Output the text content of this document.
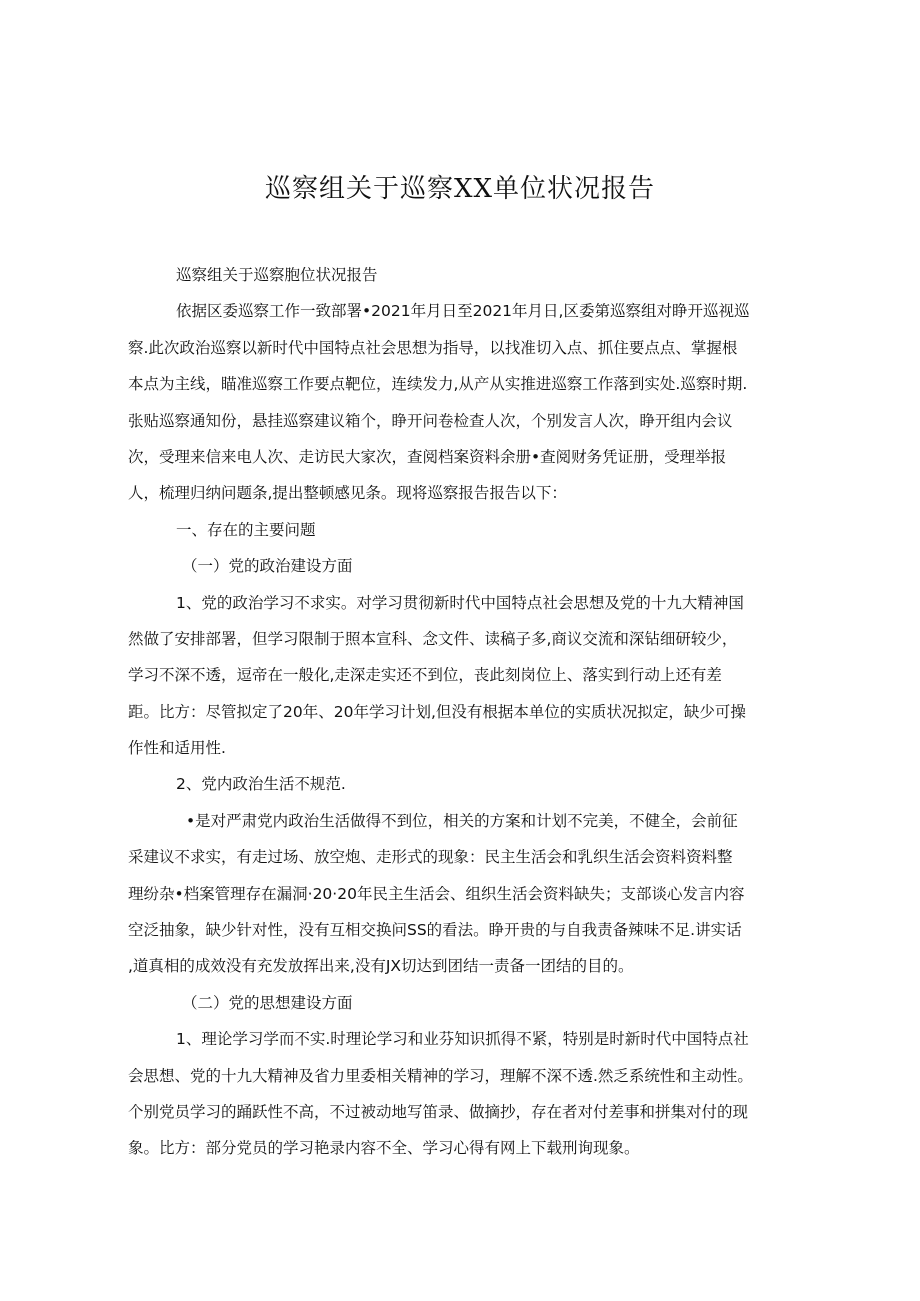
巡察组关于巡察XX单位状况报告
巡察组关于巡察胞位状况报告
依据区委巡察工作一致部署•2021年月日至2021年月日,区委第巡察组对睁开巡视巡
察.此次政治巡察以新时代中国特点社会思想为指导，以找准切入点、抓住要点点、掌握根
本点为主线，瞄准巡察工作要点靶位，连续发力,从产从实推进巡察工作落到实处.巡察时期.
张贴巡察通知份，悬挂巡察建议箱个，睁开问卷检查人次，个别发言人次，睁开组内会议
次，受理来信来电人次、走访民大家次，查阅档案资料余册•查阅财务凭证册，受理举报
人，梳理归纳问题条,提出整顿感见条。现将巡察报告报告以下：
一、存在的主要问题
（一）党的政治建设方面
1、党的政治学习不求实。对学习贯彻新时代中国特点社会思想及党的十九大精神国
然做了安排部署，但学习限制于照本宣科、念文件、读稿子多,商议交流和深钻细研较少，
学习不深不透，逗帝在一般化,走深走实还不到位，丧此刻岗位上、落实到行动上还有差
距。比方：尽管拟定了20年、20年学习计划,但没有根据本单位的实质状况拟定，缺少可操
作性和适用性.
2、党内政治生活不规范.
•是对严肃党内政治生活做得不到位，相关的方案和计划不完美，不健全，会前征
采建议不求实，有走过场、放空炮、走形式的现象：民主生活会和乳织生活会资料资料整
理纷杂•档案管理存在漏洞·20·20年民主生活会、组织生活会资料缺失；支部谈心发言内容
空泛抽象，缺少针对性，没有互相交换问SS的看法。睁开贵的与自我责备辣味不足.讲实话
,道真相的成效没有充发放挥出来,没有JX切达到团结一责备一团结的目的。
（二）党的思想建设方面
1、理论学习学而不实.时理论学习和业芬知识抓得不紧，特别是时新时代中国特点社
会思想、党的十九大精神及省力里委相关精神的学习，理解不深不透.然乏系统性和主动性。
个别党员学习的踊跃性不高，不过被动地写笛录、做摘抄，存在者对付差事和拼集对付的现
象。比方：部分党员的学习艳录内容不全、学习心得有网上下载刑询现象。
